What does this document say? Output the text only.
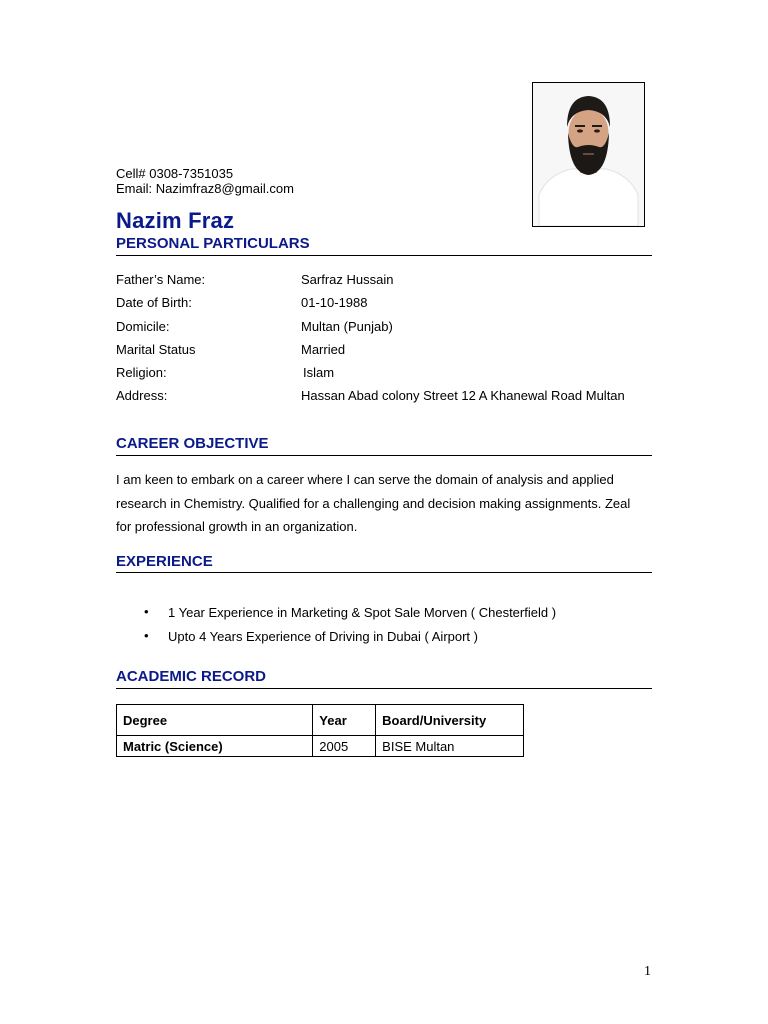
Cell# 0308-7351035
Email: Nazimfraz8@gmail.com
Nazim Fraz
PERSONAL PARTICULARS
Father’s Name:	Sarfraz Hussain
Date of Birth:	01-10-1988
Domicile:	Multan (Punjab)
Marital Status	Married
Religion:	Islam
Address:	Hassan Abad colony Street 12 A Khanewal Road Multan
CAREER OBJECTIVE
I am keen to embark on a career where I can serve the domain of analysis and applied research in Chemistry. Qualified for a challenging and decision making assignments. Zeal for professional growth in an organization.
EXPERIENCE
• 1 Year Experience in Marketing & Spot Sale Morven ( Chesterfield )
• Upto 4 Years Experience of Driving in Dubai ( Airport )
ACADEMIC RECORD
Degree	Year	Board/University
Matric (Science)	2005	BISE Multan
1
